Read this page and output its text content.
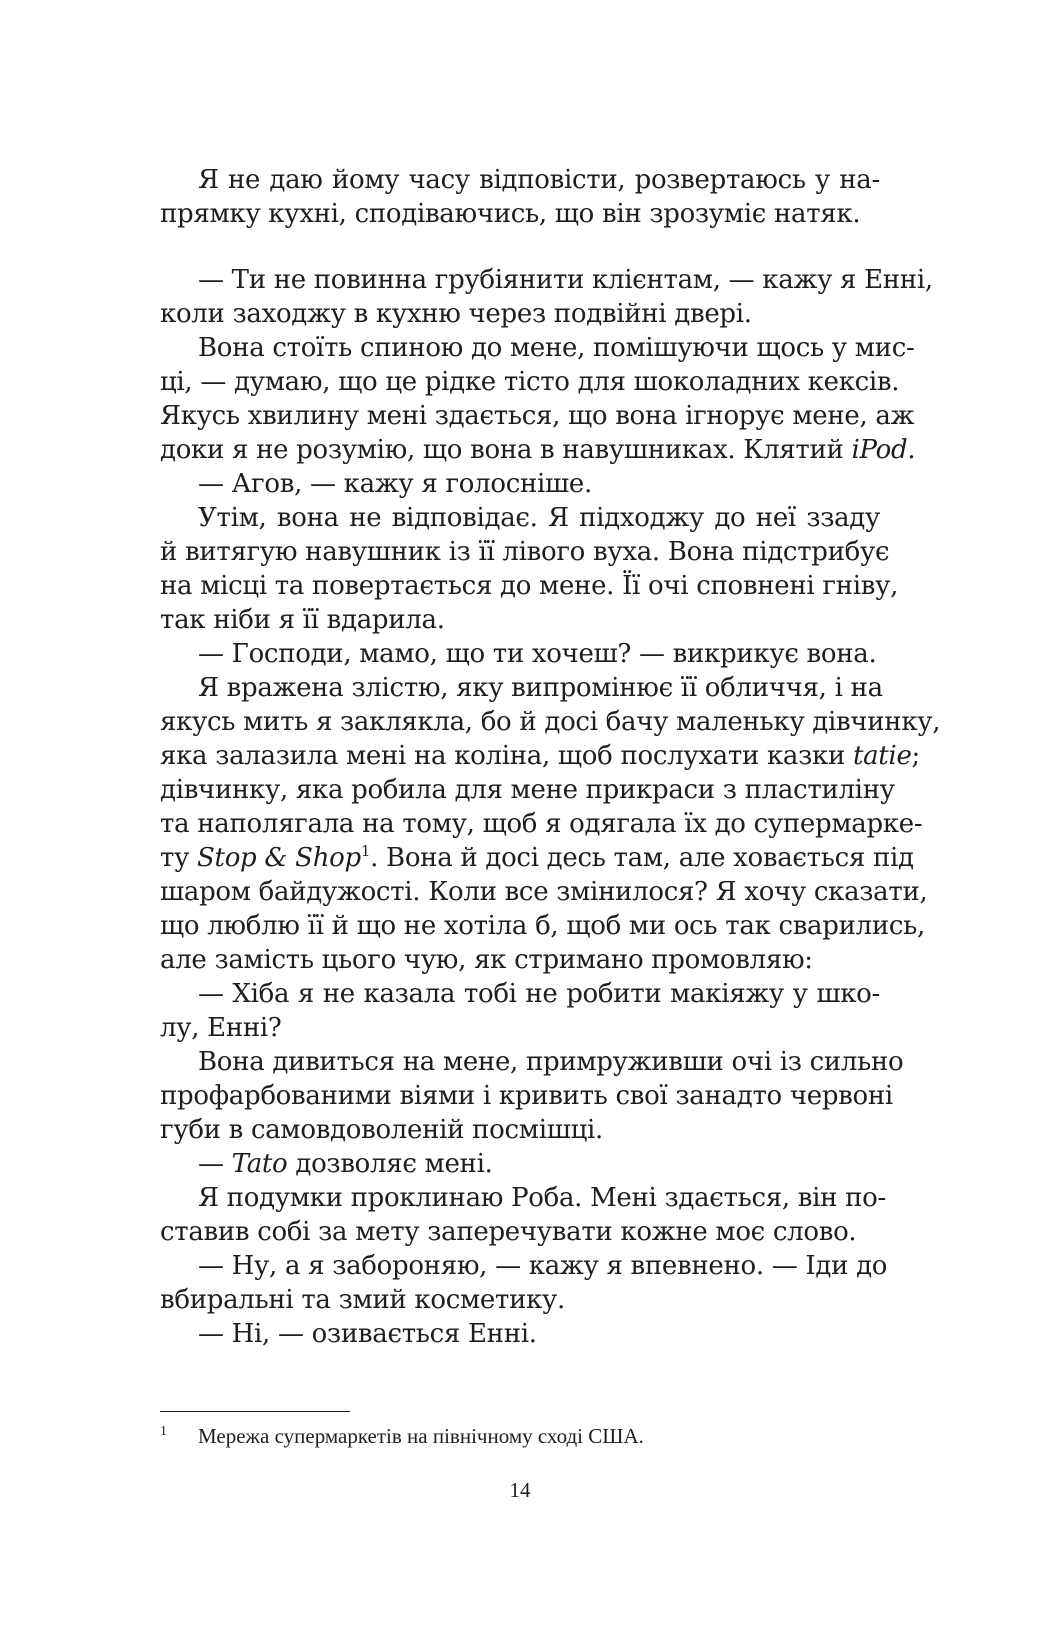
Я не даю йому часу відповісти, розвертаюсь у на-
прямку кухні, сподіваючись, що він зрозуміє натяк.
— Ти не повинна грубіянити клієнтам, — кажу я Енні,
коли заходжу в кухню через подвійні двері.
Вона стоїть спиною до мене, помішуючи щось у мис-
ці, — думаю, що це рідке тісто для шоколадних кексів.
Якусь хвилину мені здається, що вона ігнорує мене, аж
доки я не розумію, що вона в навушниках. Клятий iPod.
— Агов, — кажу я голосніше.
Утім, вона не відповідає. Я підходжу до неї ззаду
й витягую навушник із її лівого вуха. Вона підстрибує
на місці та повертається до мене. Її очі сповнені гніву,
так ніби я її вдарила.
— Господи, мамо, що ти хочеш? — викрикує вона.
Я вражена злістю, яку випромінює її обличчя, і на
якусь мить я заклякла, бо й досі бачу маленьку дівчинку,
яка залазила мені на коліна, щоб послухати казки tatie;
дівчинку, яка робила для мене прикраси з пластиліну
та наполягала на тому, щоб я одягала їх до супермарке-
ту Stop & Shop$^1$. Вона й досі десь там, але ховається під
шаром байдужості. Коли все змінилося? Я хочу сказати,
що люблю її й що не хотіла б, щоб ми ось так сварились,
але замість цього чую, як стримано промовляю:
— Хіба я не казала тобі не робити макіяжу у шко-
лу, Енні?
Вона дивиться на мене, примруживши очі із сильно
профарбованими віями і кривить свої занадто червоні
губи в самовдоволеній посмішці.
— Tato дозволяє мені.
Я подумки проклинаю Роба. Мені здається, він по-
ставив собі за мету заперечувати кожне моє слово.
— Ну, а я забороняю, — кажу я впевнено. — Іди до
вбиральні та змий косметику.
— Ні, — озивається Енні.
1 Мережа супермаркетів на північному сході США.
14
